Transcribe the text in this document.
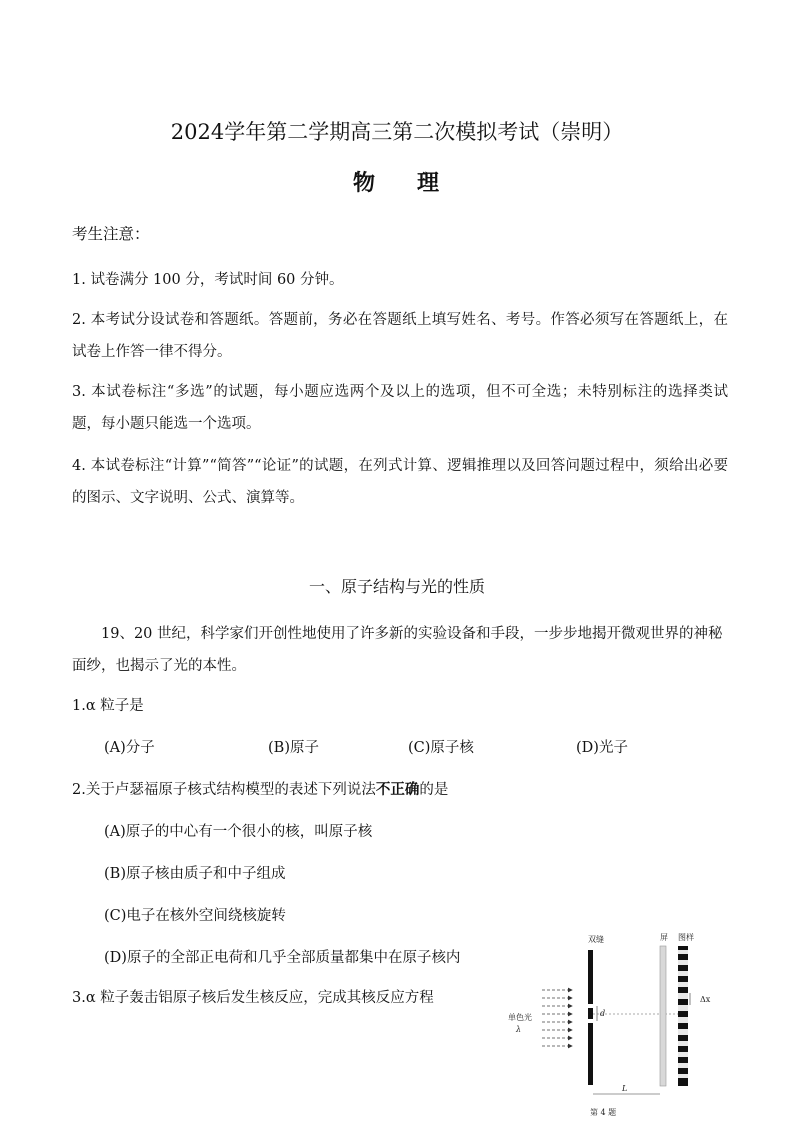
2024学年第二学期高三第二次模拟考试（崇明）
物 理
考生注意：
1. 试卷满分 100 分，考试时间 60 分钟。
2. 本考试分设试卷和答题纸。答题前，务必在答题纸上填写姓名、考号。作答必须写在答题纸上，在试卷上作答一律不得分。
3. 本试卷标注“多选”的试题，每小题应选两个及以上的选项，但不可全选；未特别标注的选择类试题，每小题只能选一个选项。
4. 本试卷标注“计算”“简答”“论证”的试题，在列式计算、逻辑推理以及回答问题过程中，须给出必要的图示、文字说明、公式、演算等。
一、原子结构与光的性质
19、20 世纪，科学家们开创性地使用了许多新的实验设备和手段，一步步地揭开微观世界的神秘面纱，也揭示了光的本性。
1.α 粒子是
(A)分子	(B)原子	(C)原子核	(D)光子
2.关于卢瑟福原子核式结构模型的表述下列说法不正确的是
(A)原子的中心有一个很小的核，叫原子核
(B)原子核由质子和中子组成
(C)电子在核外空间绕核旋转
(D)原子的全部正电荷和几乎全部质量都集中在原子核内
3.α 粒子轰击铝原子核后发生核反应，完成其核反应方程
双缝	屏 图样
单色光
λ
d
Δx
L
第 4 题
